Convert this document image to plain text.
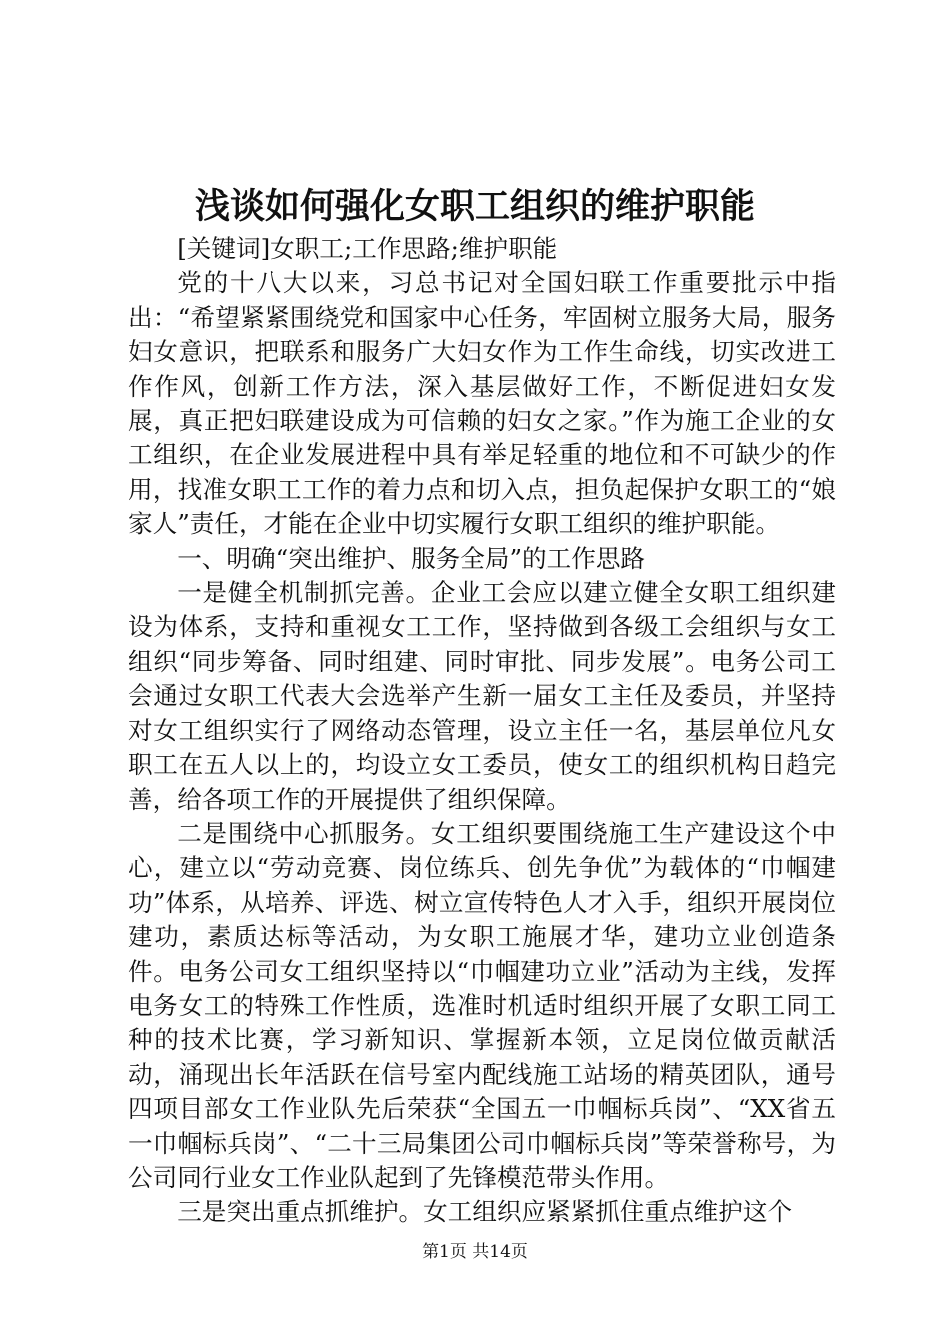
浅谈如何强化女职工组织的维护职能

[关键词]女职工;工作思路;维护职能

党的十八大以来，习总书记对全国妇联工作重要批示中指出：“希望紧紧围绕党和国家中心任务，牢固树立服务大局，服务妇女意识，把联系和服务广大妇女作为工作生命线，切实改进工作作风，创新工作方法，深入基层做好工作，不断促进妇女发展，真正把妇联建设成为可信赖的妇女之家。”作为施工企业的女工组织，在企业发展进程中具有举足轻重的地位和不可缺少的作用，找准女职工工作的着力点和切入点，担负起保护女职工的“娘家人”责任，才能在企业中切实履行女职工组织的维护职能。

一、明确“突出维护、服务全局”的工作思路

一是健全机制抓完善。企业工会应以建立健全女职工组织建设为体系，支持和重视女工工作，坚持做到各级工会组织与女工组织“同步筹备、同时组建、同时审批、同步发展”。电务公司工会通过女职工代表大会选举产生新一届女工主任及委员，并坚持对女工组织实行了网络动态管理，设立主任一名，基层单位凡女职工在五人以上的，均设立女工委员，使女工的组织机构日趋完善，给各项工作的开展提供了组织保障。

二是围绕中心抓服务。女工组织要围绕施工生产建设这个中心，建立以“劳动竞赛、岗位练兵、创先争优”为载体的“巾帼建功”体系，从培养、评选、树立宣传特色人才入手，组织开展岗位建功，素质达标等活动，为女职工施展才华，建功立业创造条件。电务公司女工组织坚持以“巾帼建功立业”活动为主线，发挥电务女工的特殊工作性质，选准时机适时组织开展了女职工同工种的技术比赛，学习新知识、掌握新本领，立足岗位做贡献活动，涌现出长年活跃在信号室内配线施工站场的精英团队，通号四项目部女工作业队先后荣获“全国五一巾帼标兵岗”、“XX省五一巾帼标兵岗”、“二十三局集团公司巾帼标兵岗”等荣誉称号，为公司同行业女工作业队起到了先锋模范带头作用。

三是突出重点抓维护。女工组织应紧紧抓住重点维护这个

第1页 共14页
